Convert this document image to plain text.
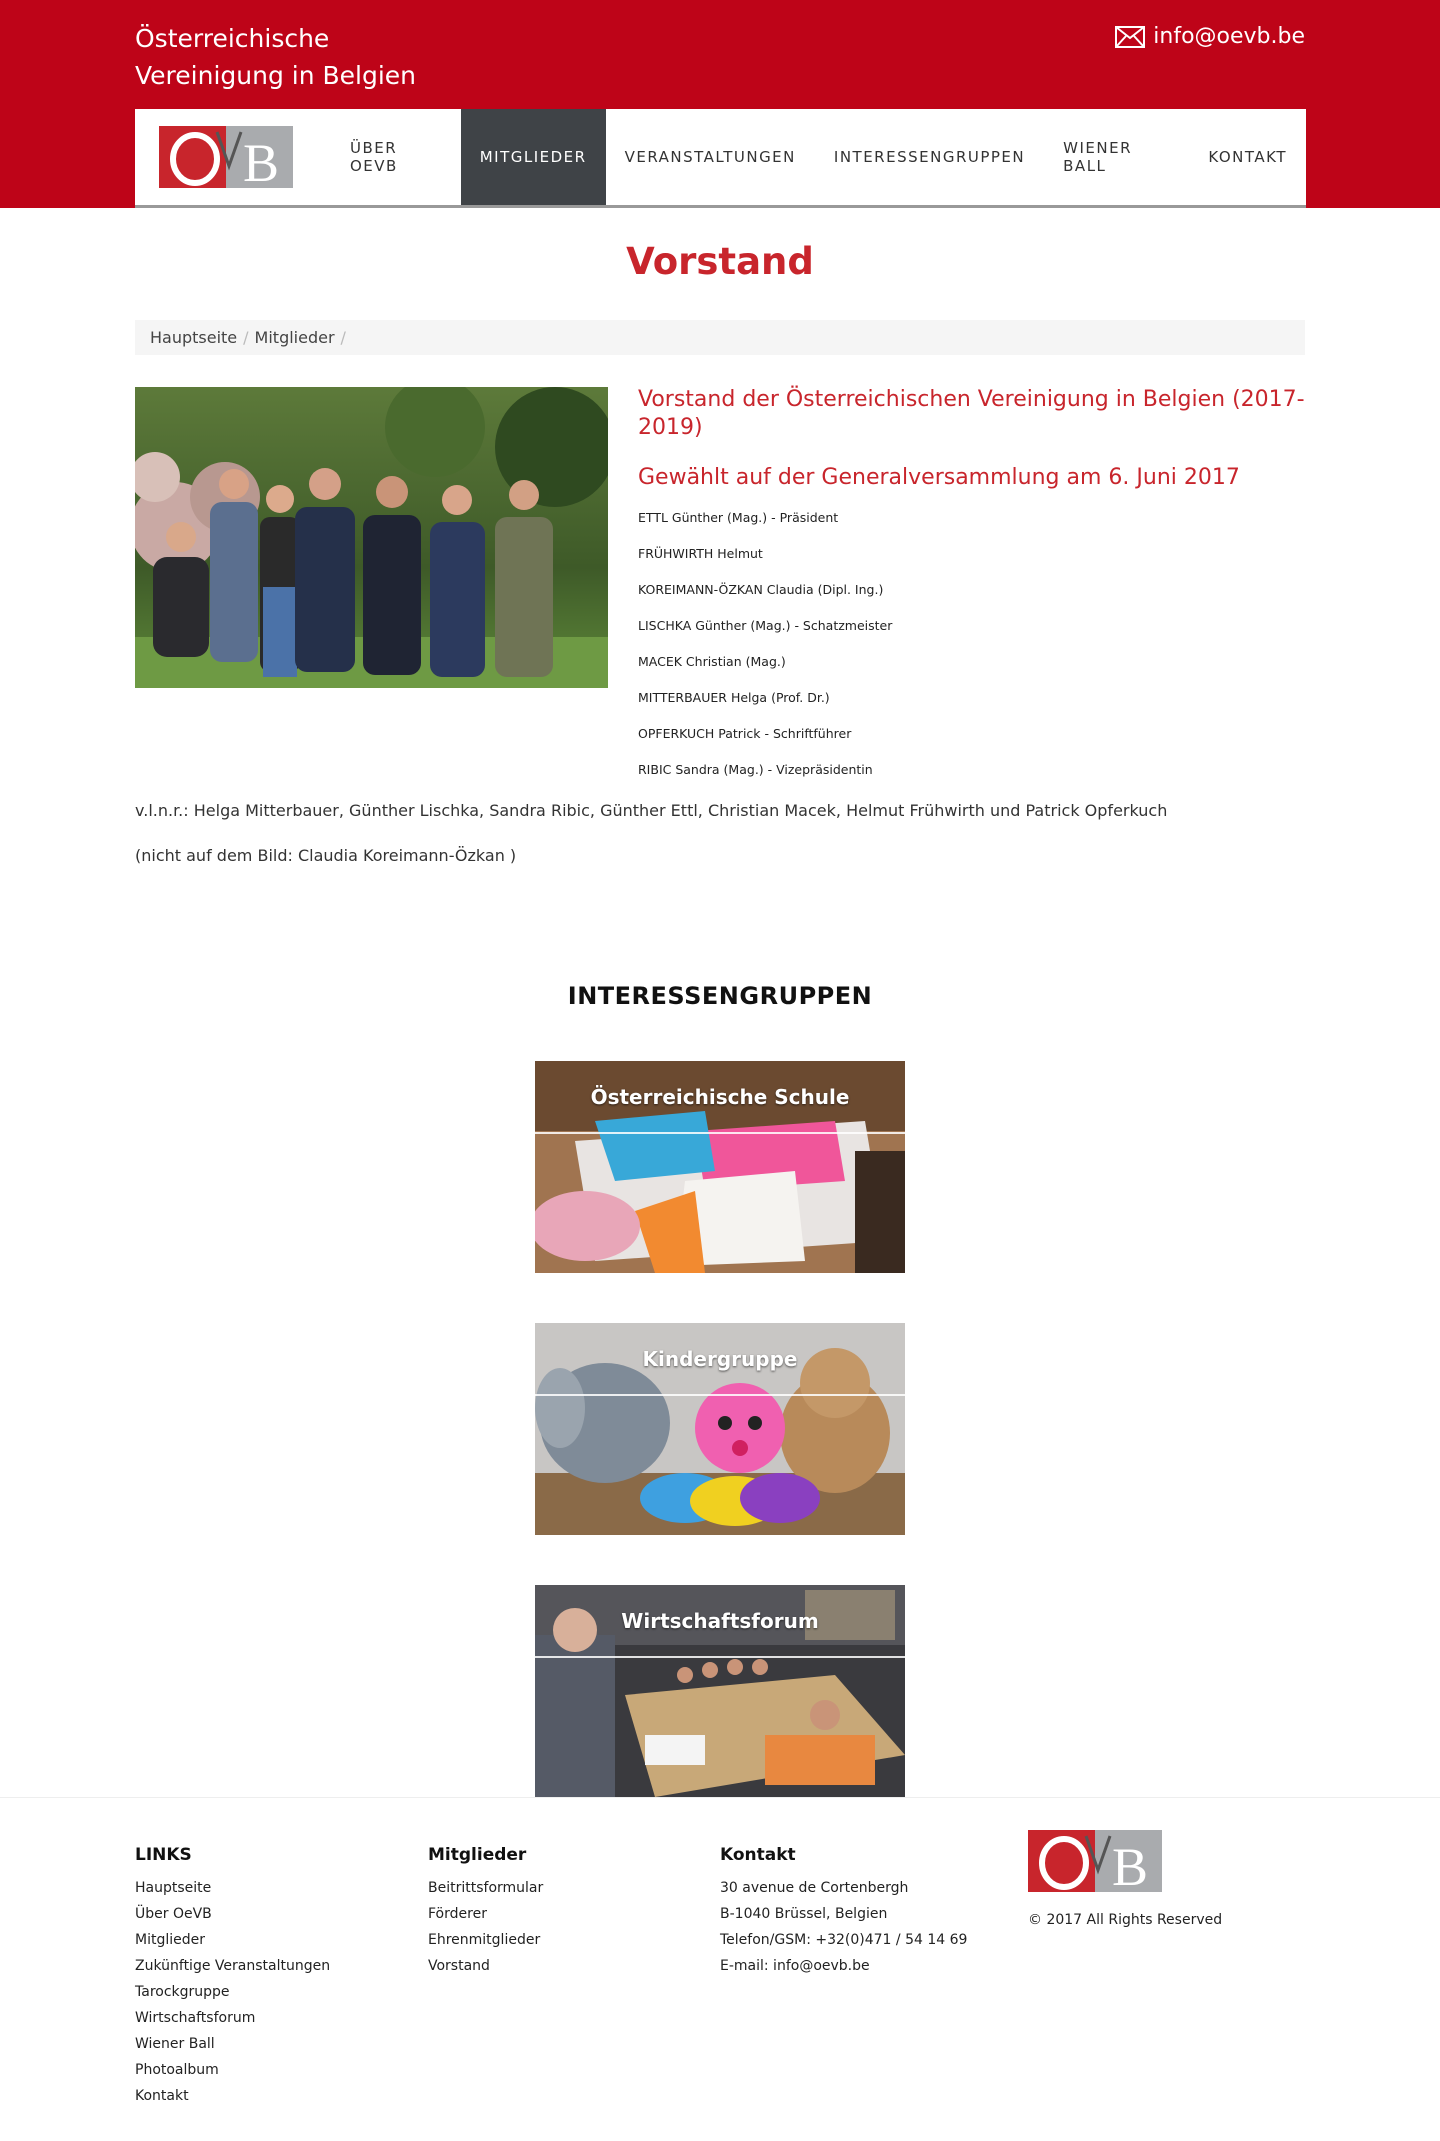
Österreichische
Vereinigung in Belgien
info@oevb.be
B	ÜBER OEVB	MITGLIEDER	VERANSTALTUNGEN	INTERESSENGRUPPEN	WIENER BALL	KONTAKT
Vorstand
Hauptseite / Mitglieder /
Vorstand der Österreichischen Vereinigung in Belgien (2017-2019)
Gewählt auf der Generalversammlung am 6. Juni 2017
ETTL Günther (Mag.) - Präsident
FRÜHWIRTH Helmut
KOREIMANN-ÖZKAN Claudia (Dipl. Ing.)
LISCHKA Günther (Mag.) - Schatzmeister
MACEK Christian (Mag.)
MITTERBAUER Helga (Prof. Dr.)
OPFERKUCH Patrick - Schriftführer
RIBIC Sandra (Mag.) - Vizepräsidentin

v.l.n.r.: Helga Mitterbauer, Günther Lischka, Sandra Ribic, Günther Ettl, Christian Macek, Helmut Frühwirth und Patrick Opferkuch

(nicht auf dem Bild: Claudia Koreimann-Özkan )

INTERESSENGRUPPEN
Österreichische Schule
Kindergruppe
Wirtschaftsforum
LINKS
Hauptseite
Über OeVB
Mitglieder
Zukünftige Veranstaltungen
Tarockgruppe
Wirtschaftsforum
Wiener Ball
Photoalbum
Kontakt
Mitglieder
Beitrittsformular
Förderer
Ehrenmitglieder
Vorstand
Kontakt
30 avenue de Cortenbergh
B-1040 Brüssel, Belgien
Telefon/GSM: +32(0)471 / 54 14 69
E-mail: info@oevb.be
B

© 2017 All Rights Reserved
